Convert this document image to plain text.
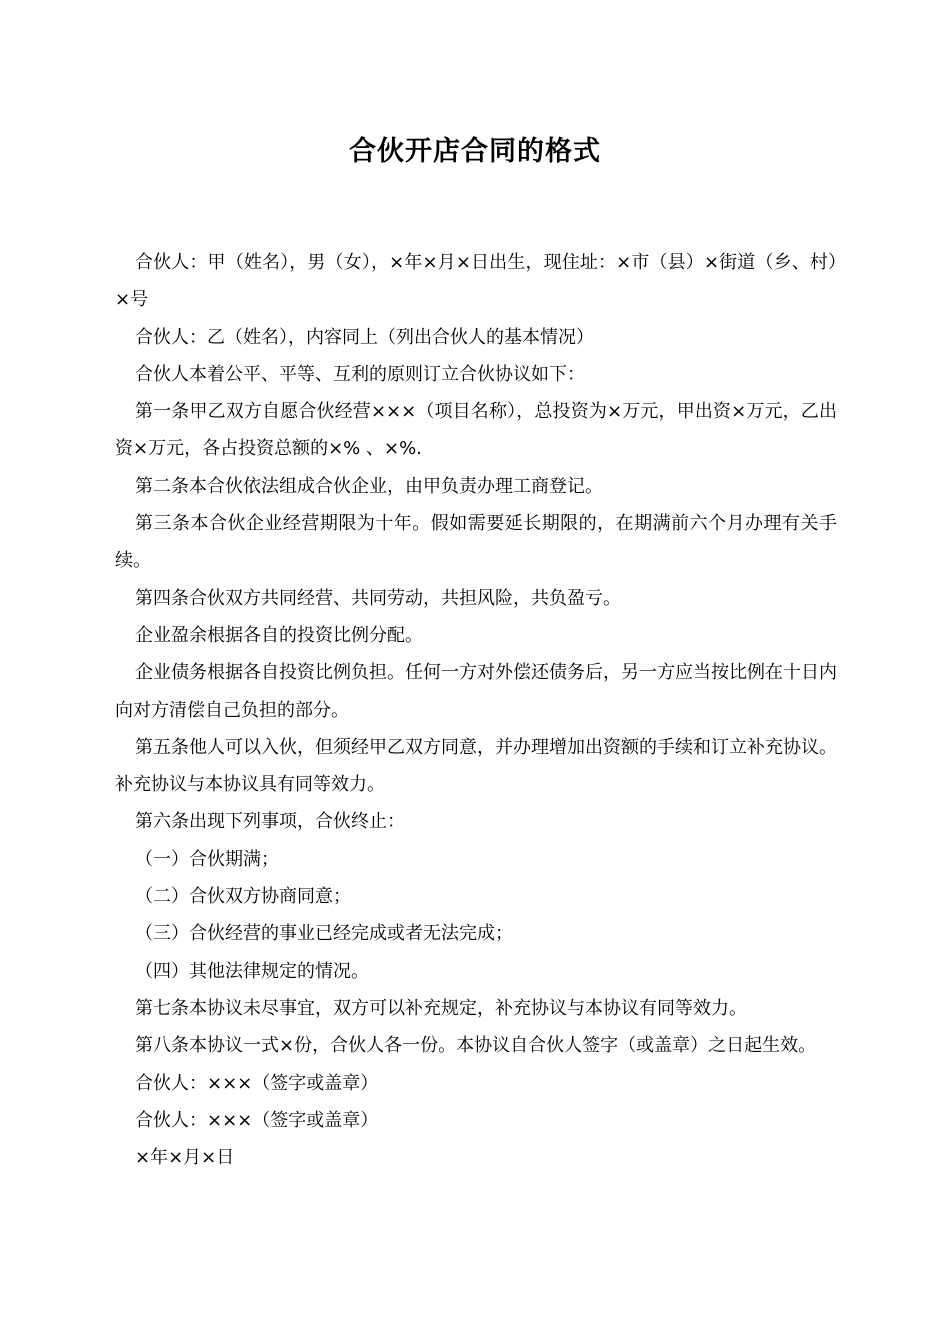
合伙开店合同的格式

合伙人：甲（姓名），男（女），×年×月×日出生，现住址：×市（县）×街道（乡、村）×号

合伙人：乙（姓名），内容同上（列出合伙人的基本情况）

合伙人本着公平、平等、互利的原则订立合伙协议如下：

第一条甲乙双方自愿合伙经营×××（项目名称），总投资为×万元，甲出资×万元，乙出资×万元，各占投资总额的×% 、×%.

第二条本合伙依法组成合伙企业，由甲负责办理工商登记。

第三条本合伙企业经营期限为十年。假如需要延长期限的，在期满前六个月办理有关手续。

第四条合伙双方共同经营、共同劳动，共担风险，共负盈亏。

企业盈余根据各自的投资比例分配。

企业债务根据各自投资比例负担。任何一方对外偿还债务后，另一方应当按比例在十日内向对方清偿自己负担的部分。

第五条他人可以入伙，但须经甲乙双方同意，并办理增加出资额的手续和订立补充协议。补充协议与本协议具有同等效力。

第六条出现下列事项，合伙终止：

（一）合伙期满；

（二）合伙双方协商同意；

（三）合伙经营的事业已经完成或者无法完成；

（四）其他法律规定的情况。

第七条本协议未尽事宜，双方可以补充规定，补充协议与本协议有同等效力。

第八条本协议一式×份，合伙人各一份。本协议自合伙人签字（或盖章）之日起生效。

合伙人：×××（签字或盖章）

合伙人：×××（签字或盖章）

×年×月×日
